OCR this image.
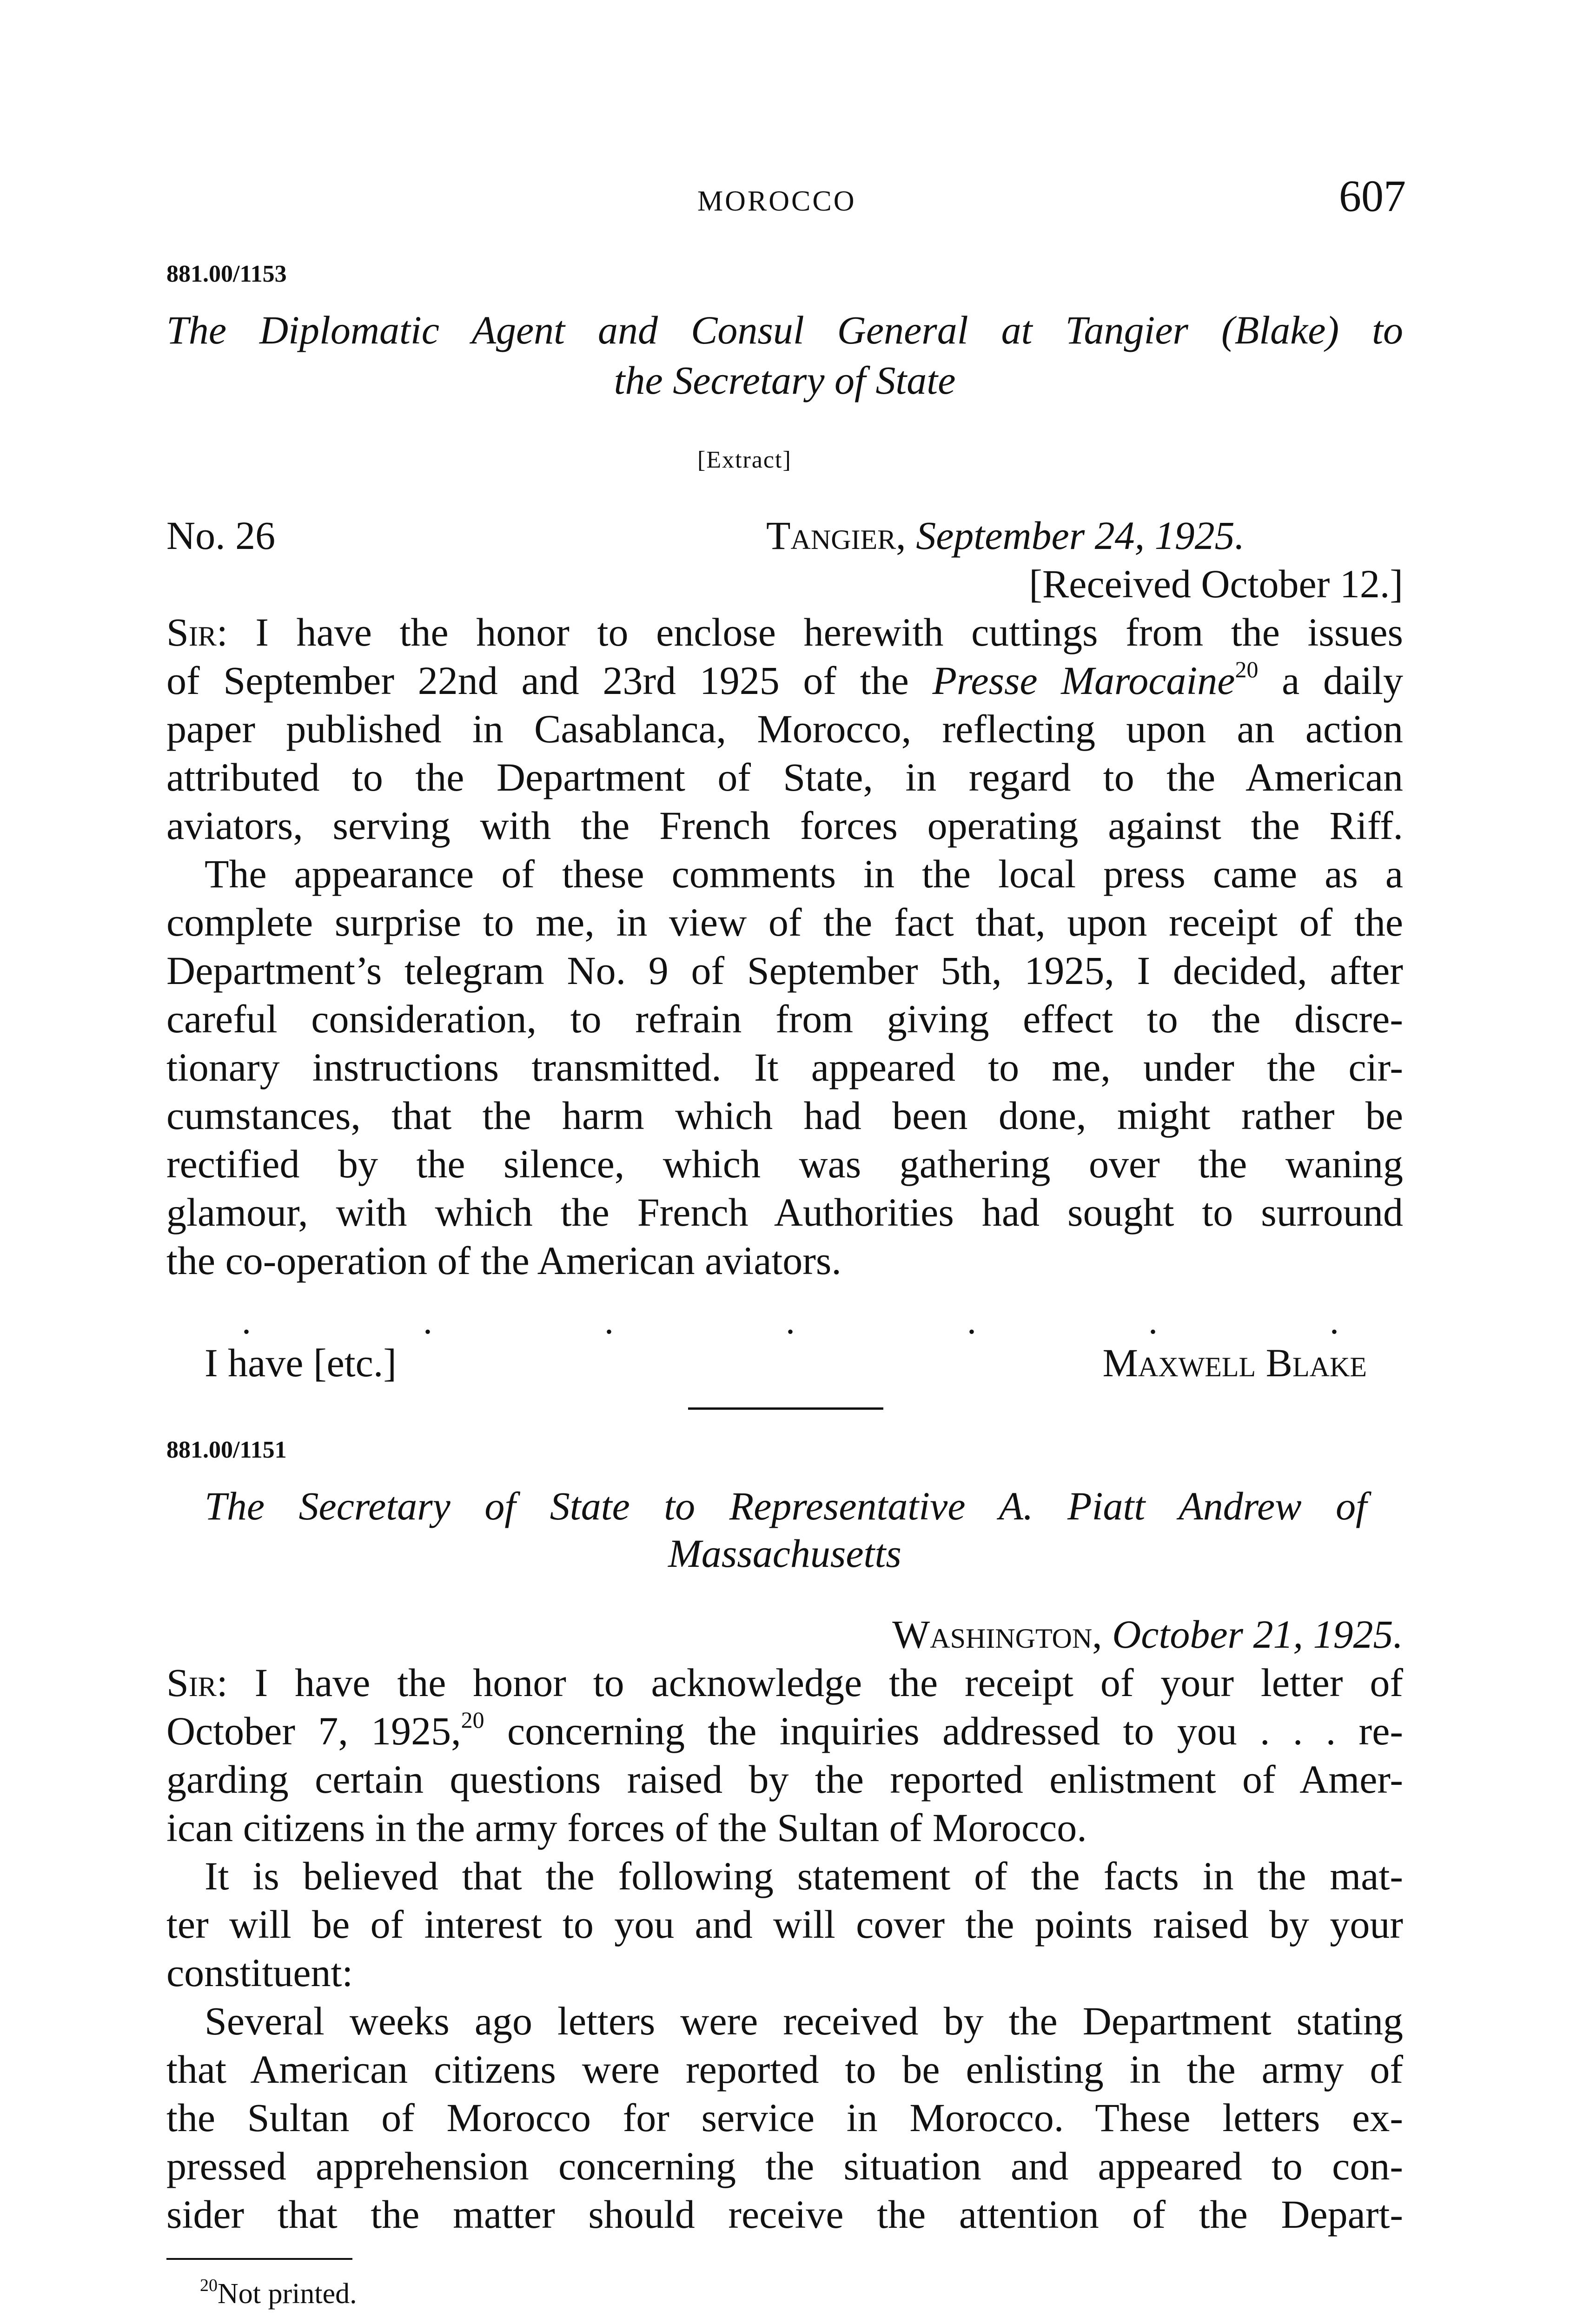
MOROCCO	607
881.00/1153
The Diplomatic Agent and Consul General at Tangier (Blake) to
the Secretary of State
[Extract]
No. 26	Tangier, September 24, 1925.
[Received October 12.]
Sir: I have the honor to enclose herewith cuttings from the issues
of September 22nd and 23rd 1925 of the Presse Marocaine$^{20}$ a daily
paper published in Casablanca, Morocco, reflecting upon an action
attributed to the Department of State, in regard to the American
aviators, serving with the French forces operating against the Riff.
The appearance of these comments in the local press came as a
complete surprise to me, in view of the fact that, upon receipt of the
Department’s telegram No. 9 of September 5th, 1925, I decided, after
careful consideration, to refrain from giving effect to the discre-
tionary instructions transmitted. It appeared to me, under the cir-
cumstances, that the harm which had been done, might rather be
rectified by the silence, which was gathering over the waning
glamour, with which the French Authorities had sought to surround
the co-operation of the American aviators.
.	.	.	.	.	.	.
I have [etc.]	Maxwell Blake
881.00/1151
The Secretary of State to Representative A. Piatt Andrew of
Massachusetts
Washington, October 21, 1925.
Sir: I have the honor to acknowledge the receipt of your letter of
October 7, 1925,20 concerning the inquiries addressed to you . . . re-
garding certain questions raised by the reported enlistment of Amer-
ican citizens in the army forces of the Sultan of Morocco.
It is believed that the following statement of the facts in the mat-
ter will be of interest to you and will cover the points raised by your
constituent:
Several weeks ago letters were received by the Department stating
that American citizens were reported to be enlisting in the army of
the Sultan of Morocco for service in Morocco. These letters ex-
pressed apprehension concerning the situation and appeared to con-
sider that the matter should receive the attention of the Depart-
$^{20}$Not printed.
